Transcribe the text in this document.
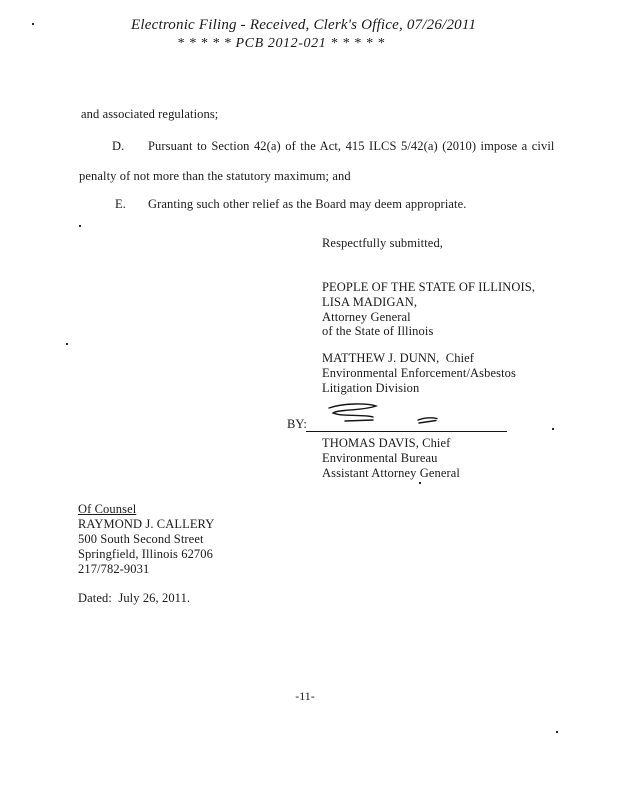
Electronic Filing - Received, Clerk's Office, 07/26/2011
* * * * * PCB 2012-021 * * * * *
and associated regulations;
D. Pursuant to Section 42(a) of the Act, 415 ILCS 5/42(a) (2010) impose a civil
penalty of not more than the statutory maximum; and
E. Granting such other relief as the Board may deem appropriate.
Respectfully submitted,
PEOPLE OF THE STATE OF ILLINOIS,
LISA MADIGAN,
Attorney General
of the State of Illinois
MATTHEW J. DUNN,  Chief
Environmental Enforcement/Asbestos
Litigation Division
BY:
THOMAS DAVIS, Chief
Environmental Bureau
Assistant Attorney General
Of Counsel
RAYMOND J. CALLERY
500 South Second Street
Springfield, Illinois 62706
217/782-9031
Dated:  July 26, 2011.
-11-
